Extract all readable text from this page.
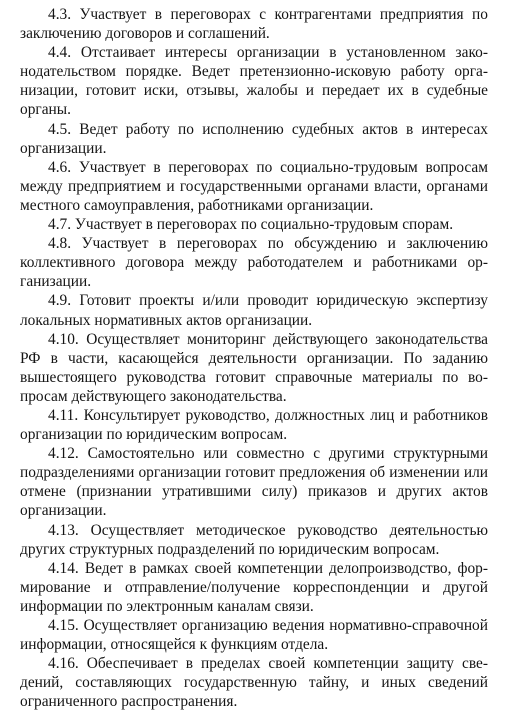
4.3. Участвует в переговорах с контрагентами предприятия по заключению договоров и соглашений.

4.4. Отстаивает интересы организации в установленном законодательством порядке. Ведет претензионно-исковую работу организации, готовит иски, отзывы, жалобы и передает их в судебные органы.

4.5. Ведет работу по исполнению судебных актов в интересах организации.

4.6. Участвует в переговорах по социально-трудовым вопросам между предприятием и государственными органами власти, органами местного самоуправления, работниками организации.

4.7. Участвует в переговорах по социально-трудовым спорам.

4.8. Участвует в переговорах по обсуждению и заключению коллективного договора между работодателем и работниками организации.

4.9. Готовит проекты и/или проводит юридическую экспертизу локальных нормативных актов организации.

4.10. Осуществляет мониторинг действующего законодательства РФ в части, касающейся деятельности организации. По заданию вышестоящего руководства готовит справочные материалы по вопросам действующего законодательства.

4.11. Консультирует руководство, должностных лиц и работников организации по юридическим вопросам.

4.12. Самостоятельно или совместно с другими структурными подразделениями организации готовит предложения об изменении или отмене (признании утратившими силу) приказов и других актов организации.

4.13. Осуществляет методическое руководство деятельностью других структурных подразделений по юридическим вопросам.

4.14. Ведет в рамках своей компетенции делопроизводство, формирование и отправление/получение корреспонденции и другой информации по электронным каналам связи.

4.15. Осуществляет организацию ведения нормативно-справочной информации, относящейся к функциям отдела.

4.16. Обеспечивает в пределах своей компетенции защиту сведений, составляющих государственную тайну, и иных сведений ограниченного распространения.
